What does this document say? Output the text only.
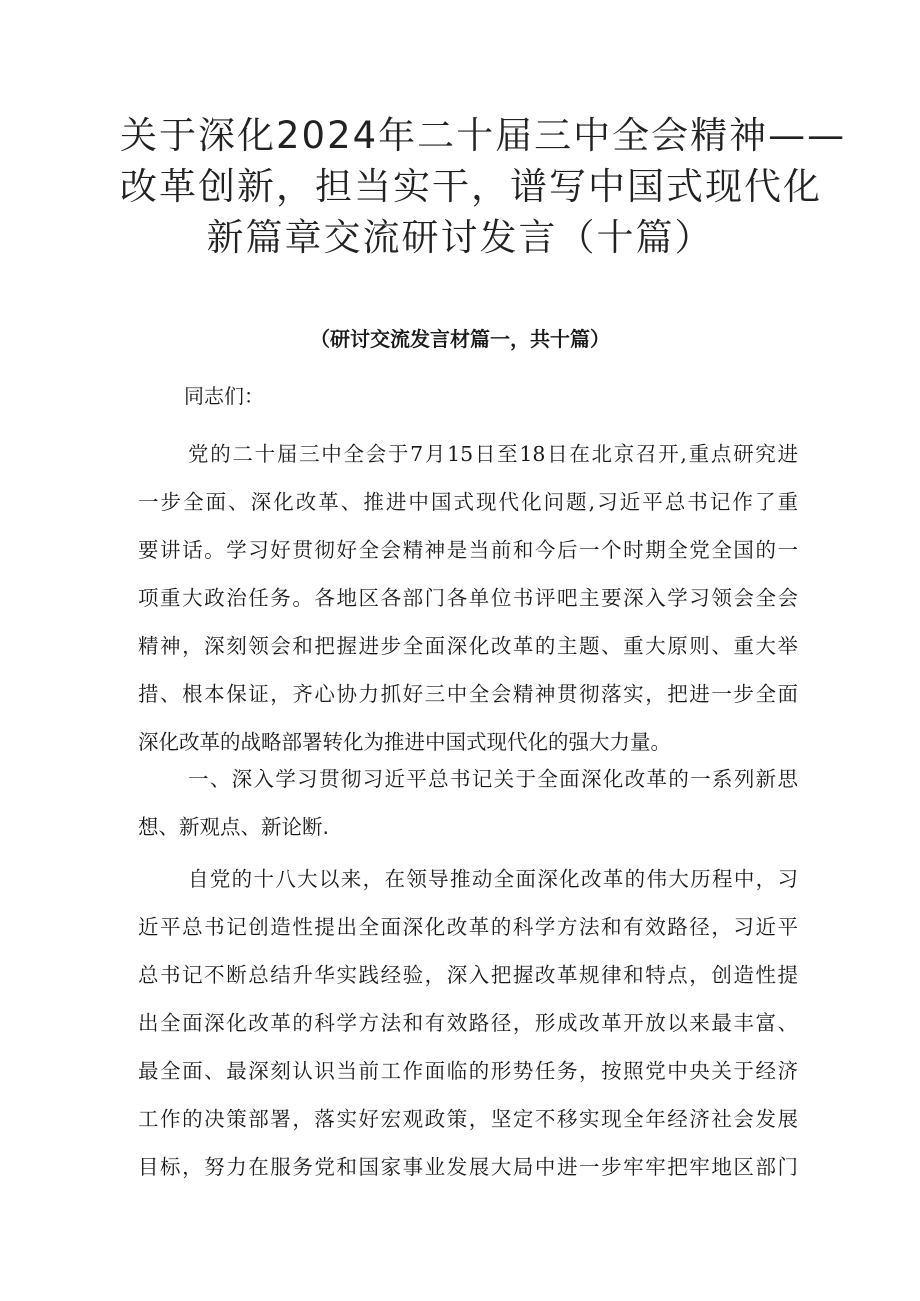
关于深化2024年二十届三中全会精神——
改革创新，担当实干，谱写中国式现代化
新篇章交流研讨发言（十篇）
（研讨交流发言材篇一，共十篇）
同志们：
党的二十届三中全会于7月15日至18日在北京召开,重点研究进
一步全面、深化改革、推进中国式现代化问题,习近平总书记作了重
要讲话。学习好贯彻好全会精神是当前和今后一个时期全党全国的一
项重大政治任务。各地区各部门各单位书评吧主要深入学习领会全会
精神，深刻领会和把握进步全面深化改革的主题、重大原则、重大举
措、根本保证，齐心协力抓好三中全会精神贯彻落实，把进一步全面
深化改革的战略部署转化为推进中国式现代化的强大力量。
一、深入学习贯彻习近平总书记关于全面深化改革的一系列新思
想、新观点、新论断.
自党的十八大以来，在领导推动全面深化改革的伟大历程中，习
近平总书记创造性提出全面深化改革的科学方法和有效路径，习近平
总书记不断总结升华实践经验，深入把握改革规律和特点，创造性提
出全面深化改革的科学方法和有效路径，形成改革开放以来最丰富、
最全面、最深刻认识当前工作面临的形势任务，按照党中央关于经济
工作的决策部署，落实好宏观政策，坚定不移实现全年经济社会发展
目标，努力在服务党和国家事业发展大局中进一步牢牢把牢地区部门
